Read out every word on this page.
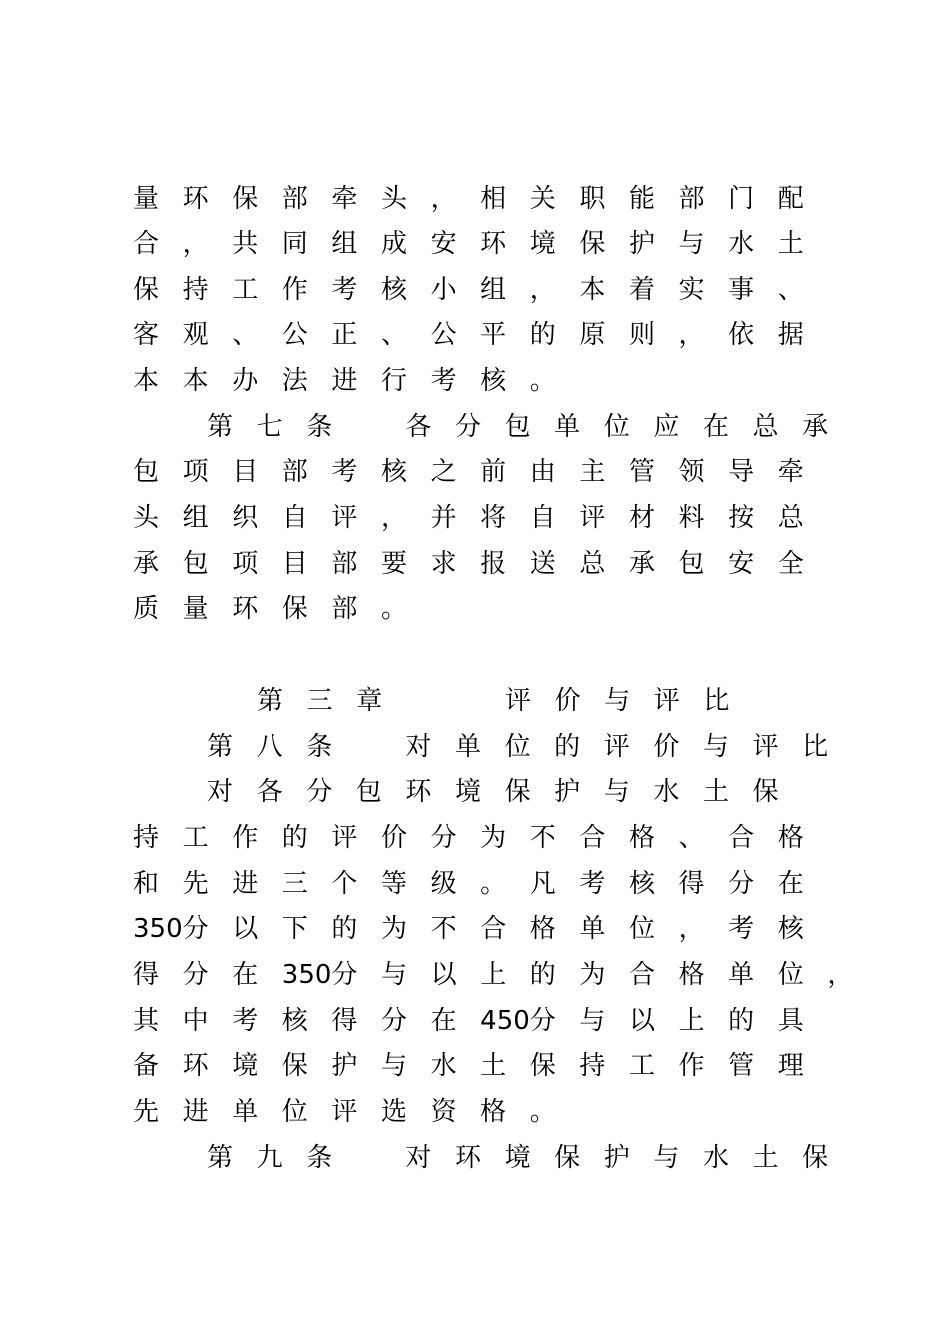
量 环 保 部 牵 头 ， 相 关 职 能 部 门 配
合 ， 共 同 组 成 安 环 境 保 护 与 水 土
保 持 工 作 考 核 小 组 ， 本 着 实 事 、
客 观 、 公 正 、 公 平 的 原 则 ， 依 据
本 本 办 法 进 行 考 核 。
第 七 条　	各 分 包 单 位 应 在 总 承
包 项 目 部 考 核 之 前 由 主 管 领 导 牵
头 组 织 自 评 ， 并 将 自 评 材 料 按 总
承 包 项 目 部 要 求 报 送 总 承 包 安 全
质 量 环 保 部 。
第 三 章　　	评 价 与 评 比
第 八 条　	对 单 位 的 评 价 与 评 比
对 各 分 包 环 境 保 护 与 水 土 保
持 工 作 的 评 价 分 为 不 合 格 、 合 格
和 先 进 三 个 等 级 。 凡 考 核 得 分 在
350分 以 下 的 为 不 合 格 单 位 ， 考 核
得 分 在 350分 与 以 上 的 为 合 格 单 位 ，
其 中 考 核 得 分 在 450分 与 以 上 的 具
备 环 境 保 护 与 水 土 保 持 工 作 管 理
先 进 单 位 评 选 资 格 。
第 九 条　	对 环 境 保 护 与 水 土 保
